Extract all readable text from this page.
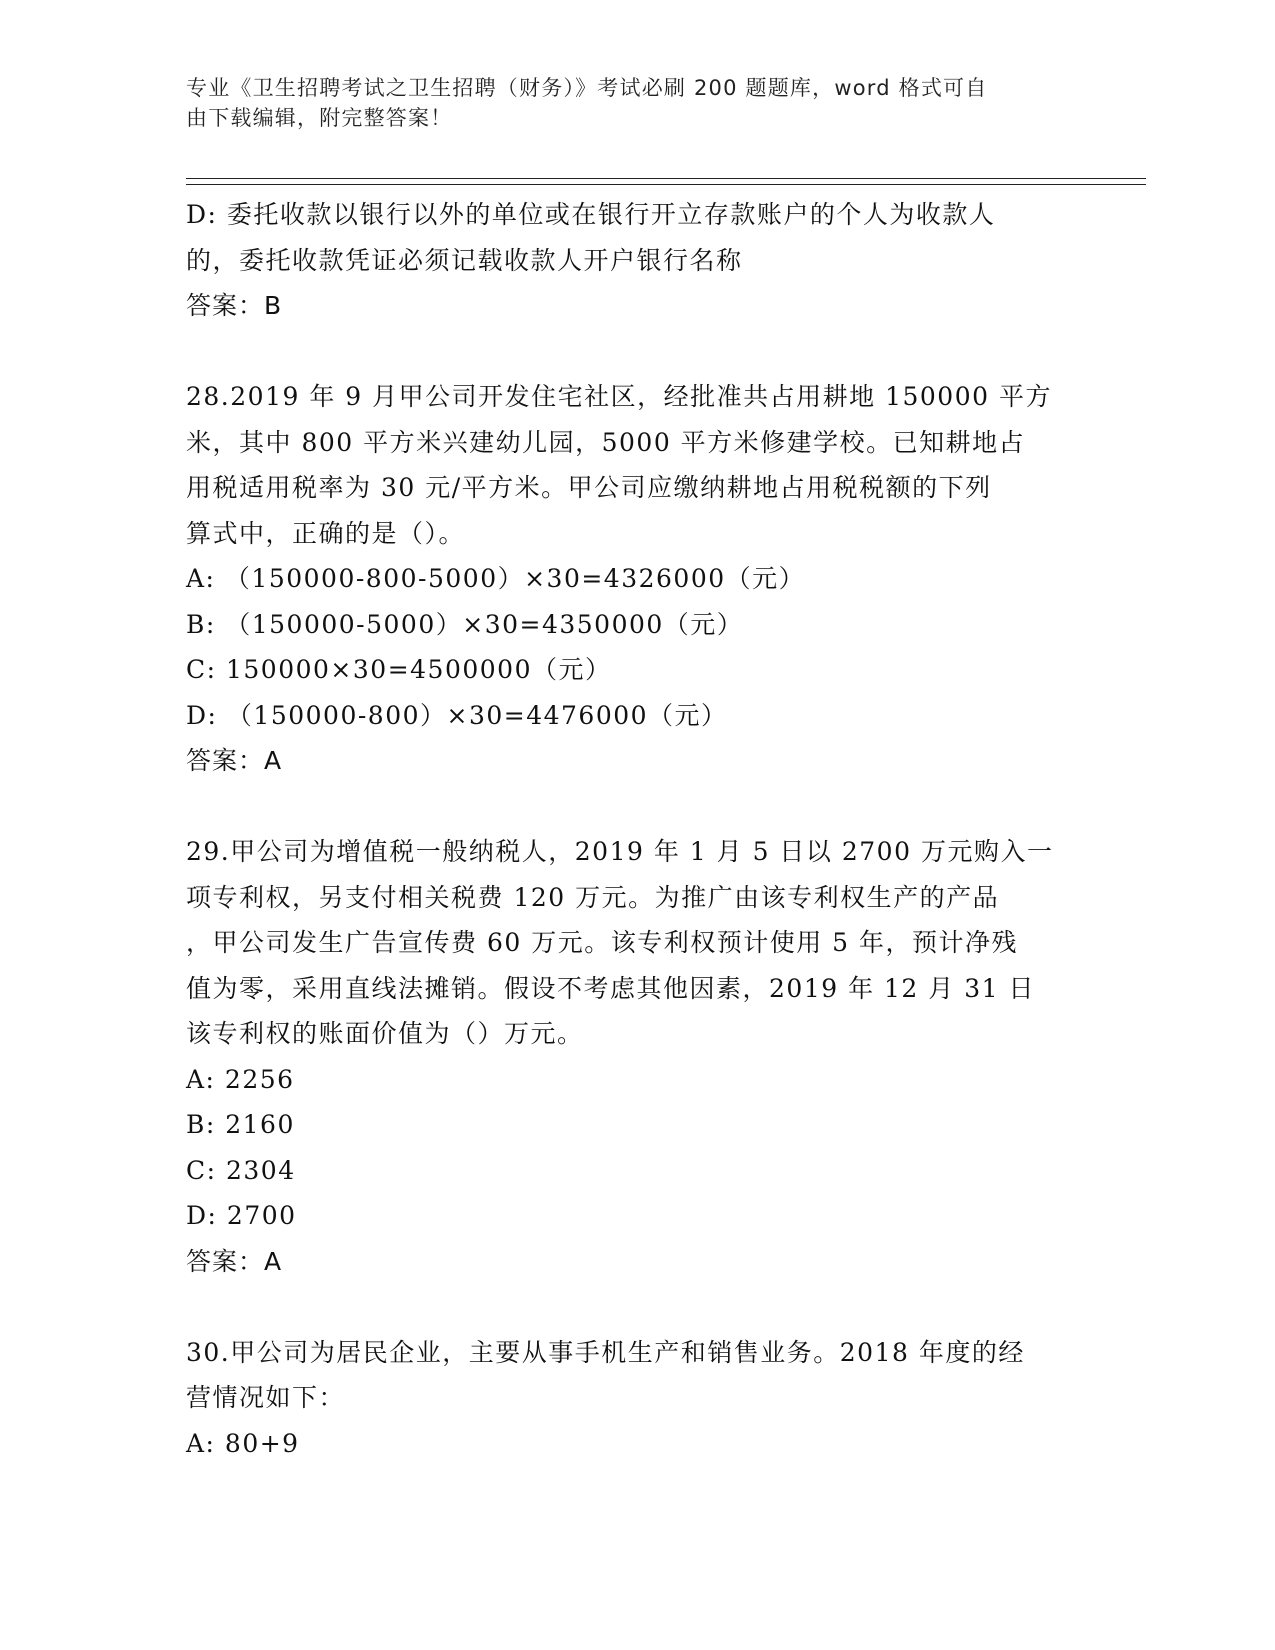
专业《卫生招聘考试之卫生招聘（财务）》考试必刷 200 题题库，word 格式可自
由下载编辑，附完整答案！

D: 委托收款以银行以外的单位或在银行开立存款账户的个人为收款人

的，委托收款凭证必须记载收款人开户银行名称

答案：B

28.2019 年 9 月甲公司开发住宅社区，经批准共占用耕地 150000 平方

米，其中 800 平方米兴建幼儿园，5000 平方米修建学校。已知耕地占

用税适用税率为 30 元/平方米。甲公司应缴纳耕地占用税税额的下列

算式中，正确的是（）。

A: （150000-800-5000）×30=4326000（元）

B: （150000-5000）×30=4350000（元）

C: 150000×30=4500000（元）

D: （150000-800）×30=4476000（元）

答案：A

29.甲公司为增值税一般纳税人，2019 年 1 月 5 日以 2700 万元购入一

项专利权，另支付相关税费 120 万元。为推广由该专利权生产的产品

，甲公司发生广告宣传费 60 万元。该专利权预计使用 5 年，预计净残

值为零，采用直线法摊销。假设不考虑其他因素，2019 年 12 月 31 日

该专利权的账面价值为（）万元。

A: 2256

B: 2160

C: 2304

D: 2700

答案：A

30.甲公司为居民企业，主要从事手机生产和销售业务。2018 年度的经

营情况如下：

A: 80+9
